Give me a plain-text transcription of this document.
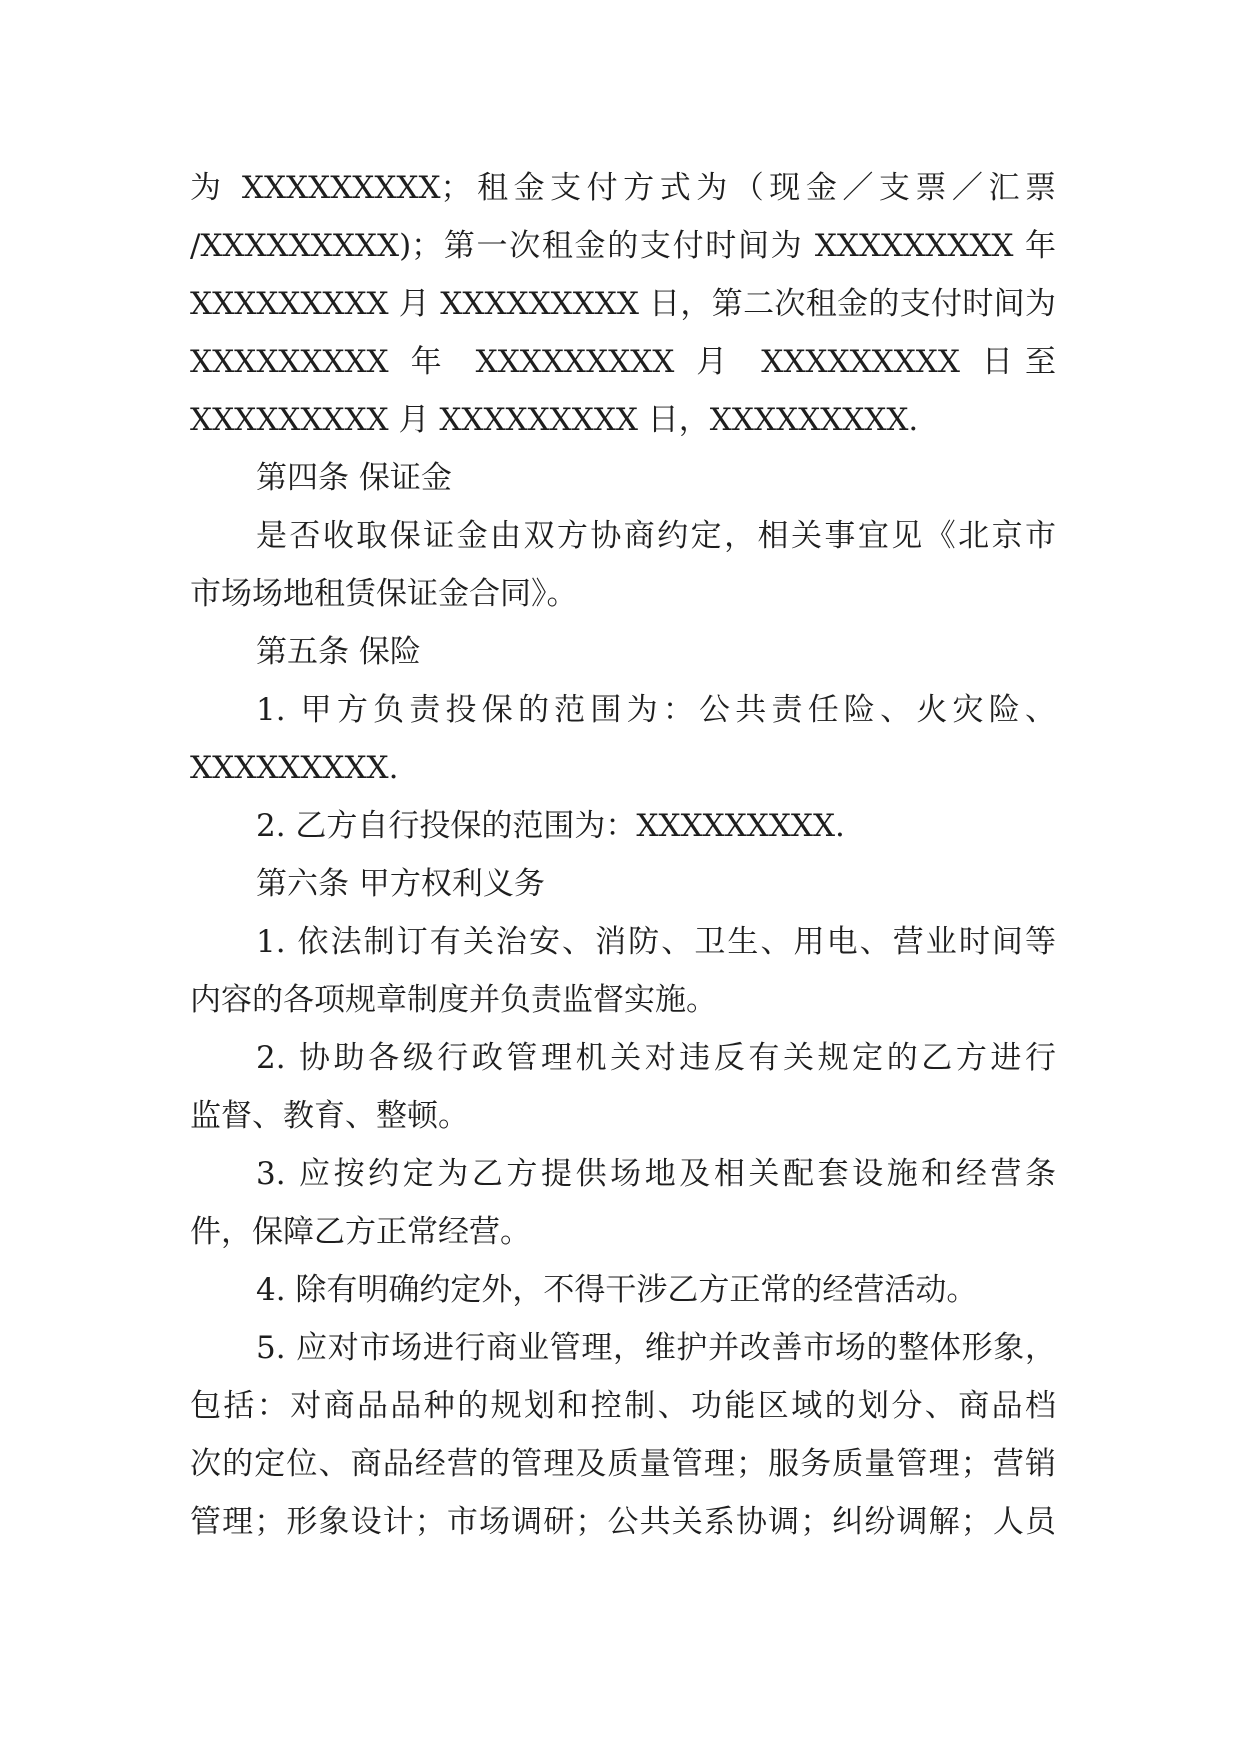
为 XXXXXXXXX；租金支付方式为（现金／支票／汇票
/XXXXXXXXX)；第一次租金的支付时间为 XXXXXXXXX 年
XXXXXXXXX 月 XXXXXXXXX 日，第二次租金的支付时间为
XXXXXXXXX 年 XXXXXXXXX 月 XXXXXXXXX 日至
XXXXXXXXX 月 XXXXXXXXX 日，XXXXXXXXX.
第四条 保证金
是否收取保证金由双方协商约定，相关事宜见《北京市
市场场地租赁保证金合同》。
第五条 保险
1. 甲方负责投保的范围为：公共责任险、火灾险、
XXXXXXXXX.
2. 乙方自行投保的范围为：XXXXXXXXX.
第六条 甲方权利义务
1. 依法制订有关治安、消防、卫生、用电、营业时间等
内容的各项规章制度并负责监督实施。
2. 协助各级行政管理机关对违反有关规定的乙方进行
监督、教育、整顿。
3. 应按约定为乙方提供场地及相关配套设施和经营条
件，保障乙方正常经营。
4. 除有明确约定外，不得干涉乙方正常的经营活动。
5. 应对市场进行商业管理，维护并改善市场的整体形象，
包括：对商品品种的规划和控制、功能区域的划分、商品档
次的定位、商品经营的管理及质量管理；服务质量管理；营销
管理；形象设计；市场调研；公共关系协调；纠纷调解；人员
